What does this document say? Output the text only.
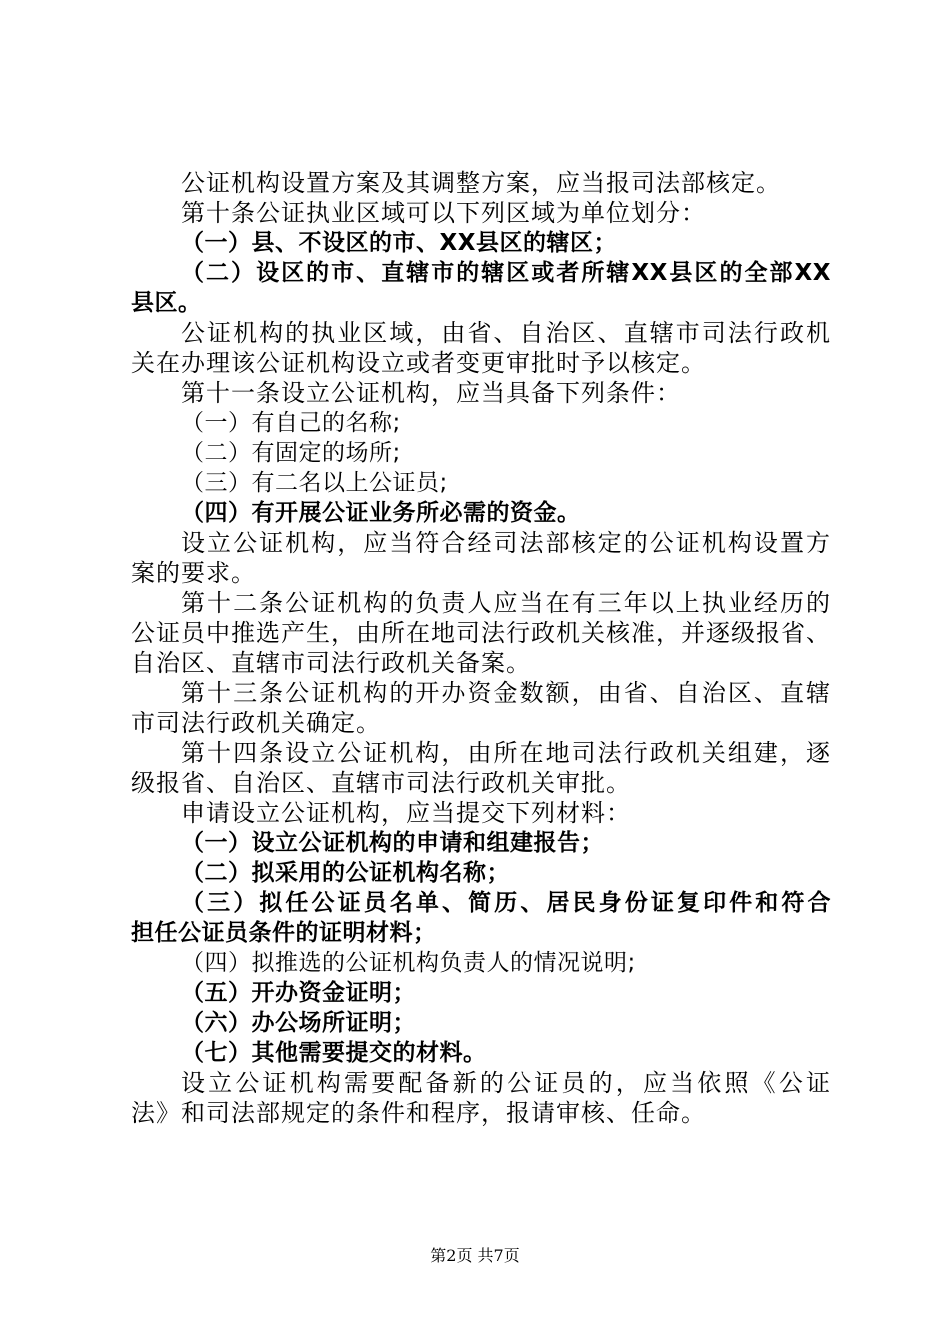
公证机构设置方案及其调整方案，应当报司法部核定。
第十条公证执业区域可以下列区域为单位划分：
（一）县、不设区的市、XX县区的辖区；
（二）设区的市、直辖市的辖区或者所辖XX县区的全部XX
县区。
公证机构的执业区域，由省、自治区、直辖市司法行政机
关在办理该公证机构设立或者变更审批时予以核定。
第十一条设立公证机构，应当具备下列条件：
（一）有自己的名称;
（二）有固定的场所;
（三）有二名以上公证员;
（四）有开展公证业务所必需的资金。
设立公证机构，应当符合经司法部核定的公证机构设置方
案的要求。
第十二条公证机构的负责人应当在有三年以上执业经历的
公证员中推选产生，由所在地司法行政机关核准，并逐级报省、
自治区、直辖市司法行政机关备案。
第十三条公证机构的开办资金数额，由省、自治区、直辖
市司法行政机关确定。
第十四条设立公证机构，由所在地司法行政机关组建，逐
级报省、自治区、直辖市司法行政机关审批。
申请设立公证机构，应当提交下列材料：
（一）设立公证机构的申请和组建报告；
（二）拟采用的公证机构名称；
（三）拟任公证员名单、简历、居民身份证复印件和符合
担任公证员条件的证明材料；
（四）拟推选的公证机构负责人的情况说明;
（五）开办资金证明；
（六）办公场所证明；
（七）其他需要提交的材料。
设立公证机构需要配备新的公证员的，应当依照《公证
法》和司法部规定的条件和程序，报请审核、任命。
第2页 共7页
